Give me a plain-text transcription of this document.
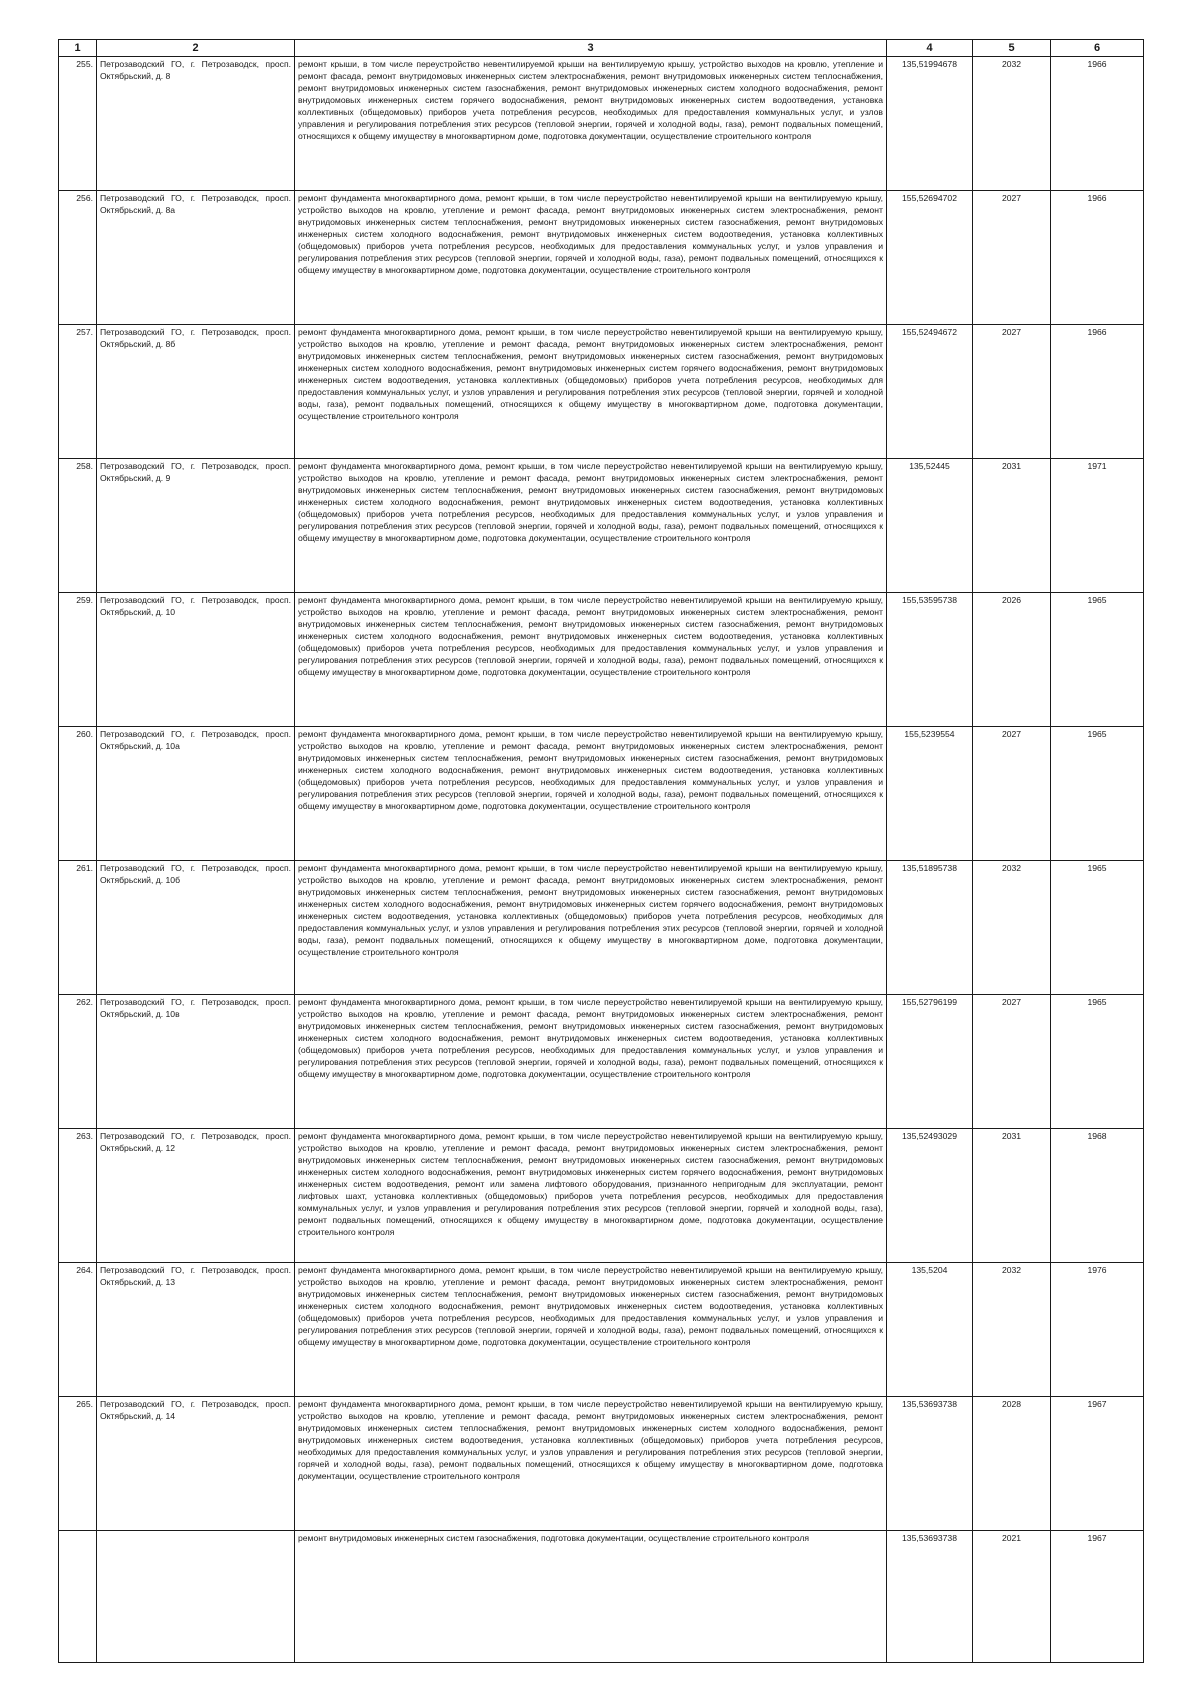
1	2	3	4	5	6
255.	Петрозаводский ГО, г. Петрозаводск, просп. Октябрьский, д. 8	ремонт крыши, в том числе переустройство невентилируемой крыши на вентилируемую крышу, устройство выходов на кровлю, утепление и ремонт фасада, ремонт внутридомовых инженерных систем электроснабжения, ремонт внутридомовых инженерных систем теплоснабжения, ремонт внутридомовых инженерных систем газоснабжения, ремонт внутридомовых инженерных систем холодного водоснабжения, ремонт внутридомовых инженерных систем горячего водоснабжения, ремонт внутридомовых инженерных систем водоотведения, установка коллективных (общедомовых) приборов учета потребления ресурсов, необходимых для предоставления коммунальных услуг, и узлов управления и регулирования потребления этих ресурсов (тепловой энергии, горячей и холодной воды, газа), ремонт подвальных помещений, относящихся к общему имуществу в многоквартирном доме, подготовка документации, осуществление строительного контроля	135,51994678	2032	1966
256.	Петрозаводский ГО, г. Петрозаводск, просп. Октябрьский, д. 8а	ремонт фундамента многоквартирного дома, ремонт крыши, в том числе переустройство невентилируемой крыши на вентилируемую крышу, устройство выходов на кровлю, утепление и ремонт фасада, ремонт внутридомовых инженерных систем электроснабжения, ремонт внутридомовых инженерных систем теплоснабжения, ремонт внутридомовых инженерных систем газоснабжения, ремонт внутридомовых инженерных систем холодного водоснабжения, ремонт внутридомовых инженерных систем водоотведения, установка коллективных (общедомовых) приборов учета потребления ресурсов, необходимых для предоставления коммунальных услуг, и узлов управления и регулирования потребления этих ресурсов (тепловой энергии, горячей и холодной воды, газа), ремонт подвальных помещений, относящихся к общему имуществу в многоквартирном доме, подготовка документации, осуществление строительного контроля	155,52694702	2027	1966
257.	Петрозаводский ГО, г. Петрозаводск, просп. Октябрьский, д. 8б	ремонт фундамента многоквартирного дома, ремонт крыши, в том числе переустройство невентилируемой крыши на вентилируемую крышу, устройство выходов на кровлю, утепление и ремонт фасада, ремонт внутридомовых инженерных систем электроснабжения, ремонт внутридомовых инженерных систем теплоснабжения, ремонт внутридомовых инженерных систем газоснабжения, ремонт внутридомовых инженерных систем холодного водоснабжения, ремонт внутридомовых инженерных систем горячего водоснабжения, ремонт внутридомовых инженерных систем водоотведения, установка коллективных (общедомовых) приборов учета потребления ресурсов, необходимых для предоставления коммунальных услуг, и узлов управления и регулирования потребления этих ресурсов (тепловой энергии, горячей и холодной воды, газа), ремонт подвальных помещений, относящихся к общему имуществу в многоквартирном доме, подготовка документации, осуществление строительного контроля	155,52494672	2027	1966
258.	Петрозаводский ГО, г. Петрозаводск, просп. Октябрьский, д. 9	ремонт фундамента многоквартирного дома, ремонт крыши, в том числе переустройство невентилируемой крыши на вентилируемую крышу, устройство выходов на кровлю, утепление и ремонт фасада, ремонт внутридомовых инженерных систем электроснабжения, ремонт внутридомовых инженерных систем теплоснабжения, ремонт внутридомовых инженерных систем газоснабжения, ремонт внутридомовых инженерных систем холодного водоснабжения, ремонт внутридомовых инженерных систем водоотведения, установка коллективных (общедомовых) приборов учета потребления ресурсов, необходимых для предоставления коммунальных услуг, и узлов управления и регулирования потребления этих ресурсов (тепловой энергии, горячей и холодной воды, газа), ремонт подвальных помещений, относящихся к общему имуществу в многоквартирном доме, подготовка документации, осуществление строительного контроля	135,52445	2031	1971
259.	Петрозаводский ГО, г. Петрозаводск, просп. Октябрьский, д. 10	ремонт фундамента многоквартирного дома, ремонт крыши, в том числе переустройство невентилируемой крыши на вентилируемую крышу, устройство выходов на кровлю, утепление и ремонт фасада, ремонт внутридомовых инженерных систем электроснабжения, ремонт внутридомовых инженерных систем теплоснабжения, ремонт внутридомовых инженерных систем газоснабжения, ремонт внутридомовых инженерных систем холодного водоснабжения, ремонт внутридомовых инженерных систем водоотведения, установка коллективных (общедомовых) приборов учета потребления ресурсов, необходимых для предоставления коммунальных услуг, и узлов управления и регулирования потребления этих ресурсов (тепловой энергии, горячей и холодной воды, газа), ремонт подвальных помещений, относящихся к общему имуществу в многоквартирном доме, подготовка документации, осуществление строительного контроля	155,53595738	2026	1965
260.	Петрозаводский ГО, г. Петрозаводск, просп. Октябрьский, д. 10а	ремонт фундамента многоквартирного дома, ремонт крыши, в том числе переустройство невентилируемой крыши на вентилируемую крышу, устройство выходов на кровлю, утепление и ремонт фасада, ремонт внутридомовых инженерных систем электроснабжения, ремонт внутридомовых инженерных систем теплоснабжения, ремонт внутридомовых инженерных систем газоснабжения, ремонт внутридомовых инженерных систем холодного водоснабжения, ремонт внутридомовых инженерных систем водоотведения, установка коллективных (общедомовых) приборов учета потребления ресурсов, необходимых для предоставления коммунальных услуг, и узлов управления и регулирования потребления этих ресурсов (тепловой энергии, горячей и холодной воды, газа), ремонт подвальных помещений, относящихся к общему имуществу в многоквартирном доме, подготовка документации, осуществление строительного контроля	155,5239554	2027	1965
261.	Петрозаводский ГО, г. Петрозаводск, просп. Октябрьский, д. 10б	ремонт фундамента многоквартирного дома, ремонт крыши, в том числе переустройство невентилируемой крыши на вентилируемую крышу, устройство выходов на кровлю, утепление и ремонт фасада, ремонт внутридомовых инженерных систем электроснабжения, ремонт внутридомовых инженерных систем теплоснабжения, ремонт внутридомовых инженерных систем газоснабжения, ремонт внутридомовых инженерных систем холодного водоснабжения, ремонт внутридомовых инженерных систем горячего водоснабжения, ремонт внутридомовых инженерных систем водоотведения, установка коллективных (общедомовых) приборов учета потребления ресурсов, необходимых для предоставления коммунальных услуг, и узлов управления и регулирования потребления этих ресурсов (тепловой энергии, горячей и холодной воды, газа), ремонт подвальных помещений, относящихся к общему имуществу в многоквартирном доме, подготовка документации, осуществление строительного контроля	135,51895738	2032	1965
262.	Петрозаводский ГО, г. Петрозаводск, просп. Октябрьский, д. 10в	ремонт фундамента многоквартирного дома, ремонт крыши, в том числе переустройство невентилируемой крыши на вентилируемую крышу, устройство выходов на кровлю, утепление и ремонт фасада, ремонт внутридомовых инженерных систем электроснабжения, ремонт внутридомовых инженерных систем теплоснабжения, ремонт внутридомовых инженерных систем газоснабжения, ремонт внутридомовых инженерных систем холодного водоснабжения, ремонт внутридомовых инженерных систем водоотведения, установка коллективных (общедомовых) приборов учета потребления ресурсов, необходимых для предоставления коммунальных услуг, и узлов управления и регулирования потребления этих ресурсов (тепловой энергии, горячей и холодной воды, газа), ремонт подвальных помещений, относящихся к общему имуществу в многоквартирном доме, подготовка документации, осуществление строительного контроля	155,52796199	2027	1965
263.	Петрозаводский ГО, г. Петрозаводск, просп. Октябрьский, д. 12	ремонт фундамента многоквартирного дома, ремонт крыши, в том числе переустройство невентилируемой крыши на вентилируемую крышу, устройство выходов на кровлю, утепление и ремонт фасада, ремонт внутридомовых инженерных систем электроснабжения, ремонт внутридомовых инженерных систем теплоснабжения, ремонт внутридомовых инженерных систем газоснабжения, ремонт внутридомовых инженерных систем холодного водоснабжения, ремонт внутридомовых инженерных систем горячего водоснабжения, ремонт внутридомовых инженерных систем водоотведения, ремонт или замена лифтового оборудования, признанного непригодным для эксплуатации, ремонт лифтовых шахт, установка коллективных (общедомовых) приборов учета потребления ресурсов, необходимых для предоставления коммунальных услуг, и узлов управления и регулирования потребления этих ресурсов (тепловой энергии, горячей и холодной воды, газа), ремонт подвальных помещений, относящихся к общему имуществу в многоквартирном доме, подготовка документации, осуществление строительного контроля	135,52493029	2031	1968
264.	Петрозаводский ГО, г. Петрозаводск, просп. Октябрьский, д. 13	ремонт фундамента многоквартирного дома, ремонт крыши, в том числе переустройство невентилируемой крыши на вентилируемую крышу, устройство выходов на кровлю, утепление и ремонт фасада, ремонт внутридомовых инженерных систем электроснабжения, ремонт внутридомовых инженерных систем теплоснабжения, ремонт внутридомовых инженерных систем газоснабжения, ремонт внутридомовых инженерных систем холодного водоснабжения, ремонт внутридомовых инженерных систем водоотведения, установка коллективных (общедомовых) приборов учета потребления ресурсов, необходимых для предоставления коммунальных услуг, и узлов управления и регулирования потребления этих ресурсов (тепловой энергии, горячей и холодной воды, газа), ремонт подвальных помещений, относящихся к общему имуществу в многоквартирном доме, подготовка документации, осуществление строительного контроля	135,5204	2032	1976
265.	Петрозаводский ГО, г. Петрозаводск, просп. Октябрьский, д. 14	ремонт фундамента многоквартирного дома, ремонт крыши, в том числе переустройство невентилируемой крыши на вентилируемую крышу, устройство выходов на кровлю, утепление и ремонт фасада, ремонт внутридомовых инженерных систем электроснабжения, ремонт внутридомовых инженерных систем теплоснабжения, ремонт внутридомовых инженерных систем холодного водоснабжения, ремонт внутридомовых инженерных систем водоотведения, установка коллективных (общедомовых) приборов учета потребления ресурсов, необходимых для предоставления коммунальных услуг, и узлов управления и регулирования потребления этих ресурсов (тепловой энергии, горячей и холодной воды, газа), ремонт подвальных помещений, относящихся к общему имуществу в многоквартирном доме, подготовка документации, осуществление строительного контроля	135,53693738	2028	1967
		ремонт внутридомовых инженерных систем газоснабжения, подготовка документации, осуществление строительного контроля	135,53693738	2021	1967
